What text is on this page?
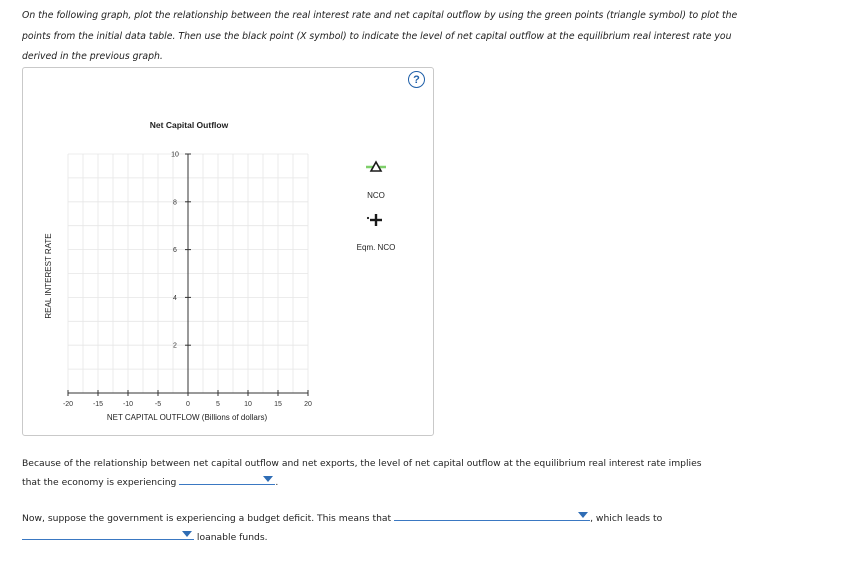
On the following graph, plot the relationship between the real interest rate and net capital outflow by using the green points (triangle symbol) to plot the points from the initial data table. Then use the black point (X symbol) to indicate the level of net capital outflow at the equilibrium real interest rate you derived in the previous graph.
?
Net Capital Outflow
-20	-15	-10	-5	0	5	10	15	20
2
4
6
8
10
REAL INTEREST RATE
NET CAPITAL OUTFLOW (Billions of dollars)
NCO
Eqm. NCO
Because of the relationship between net capital outflow and net exports, the level of net capital outflow at the equilibrium real interest rate implies that the economy is experiencing	.
Now, suppose the government is experiencing a budget deficit. This means that	, which leads to

loanable funds.
